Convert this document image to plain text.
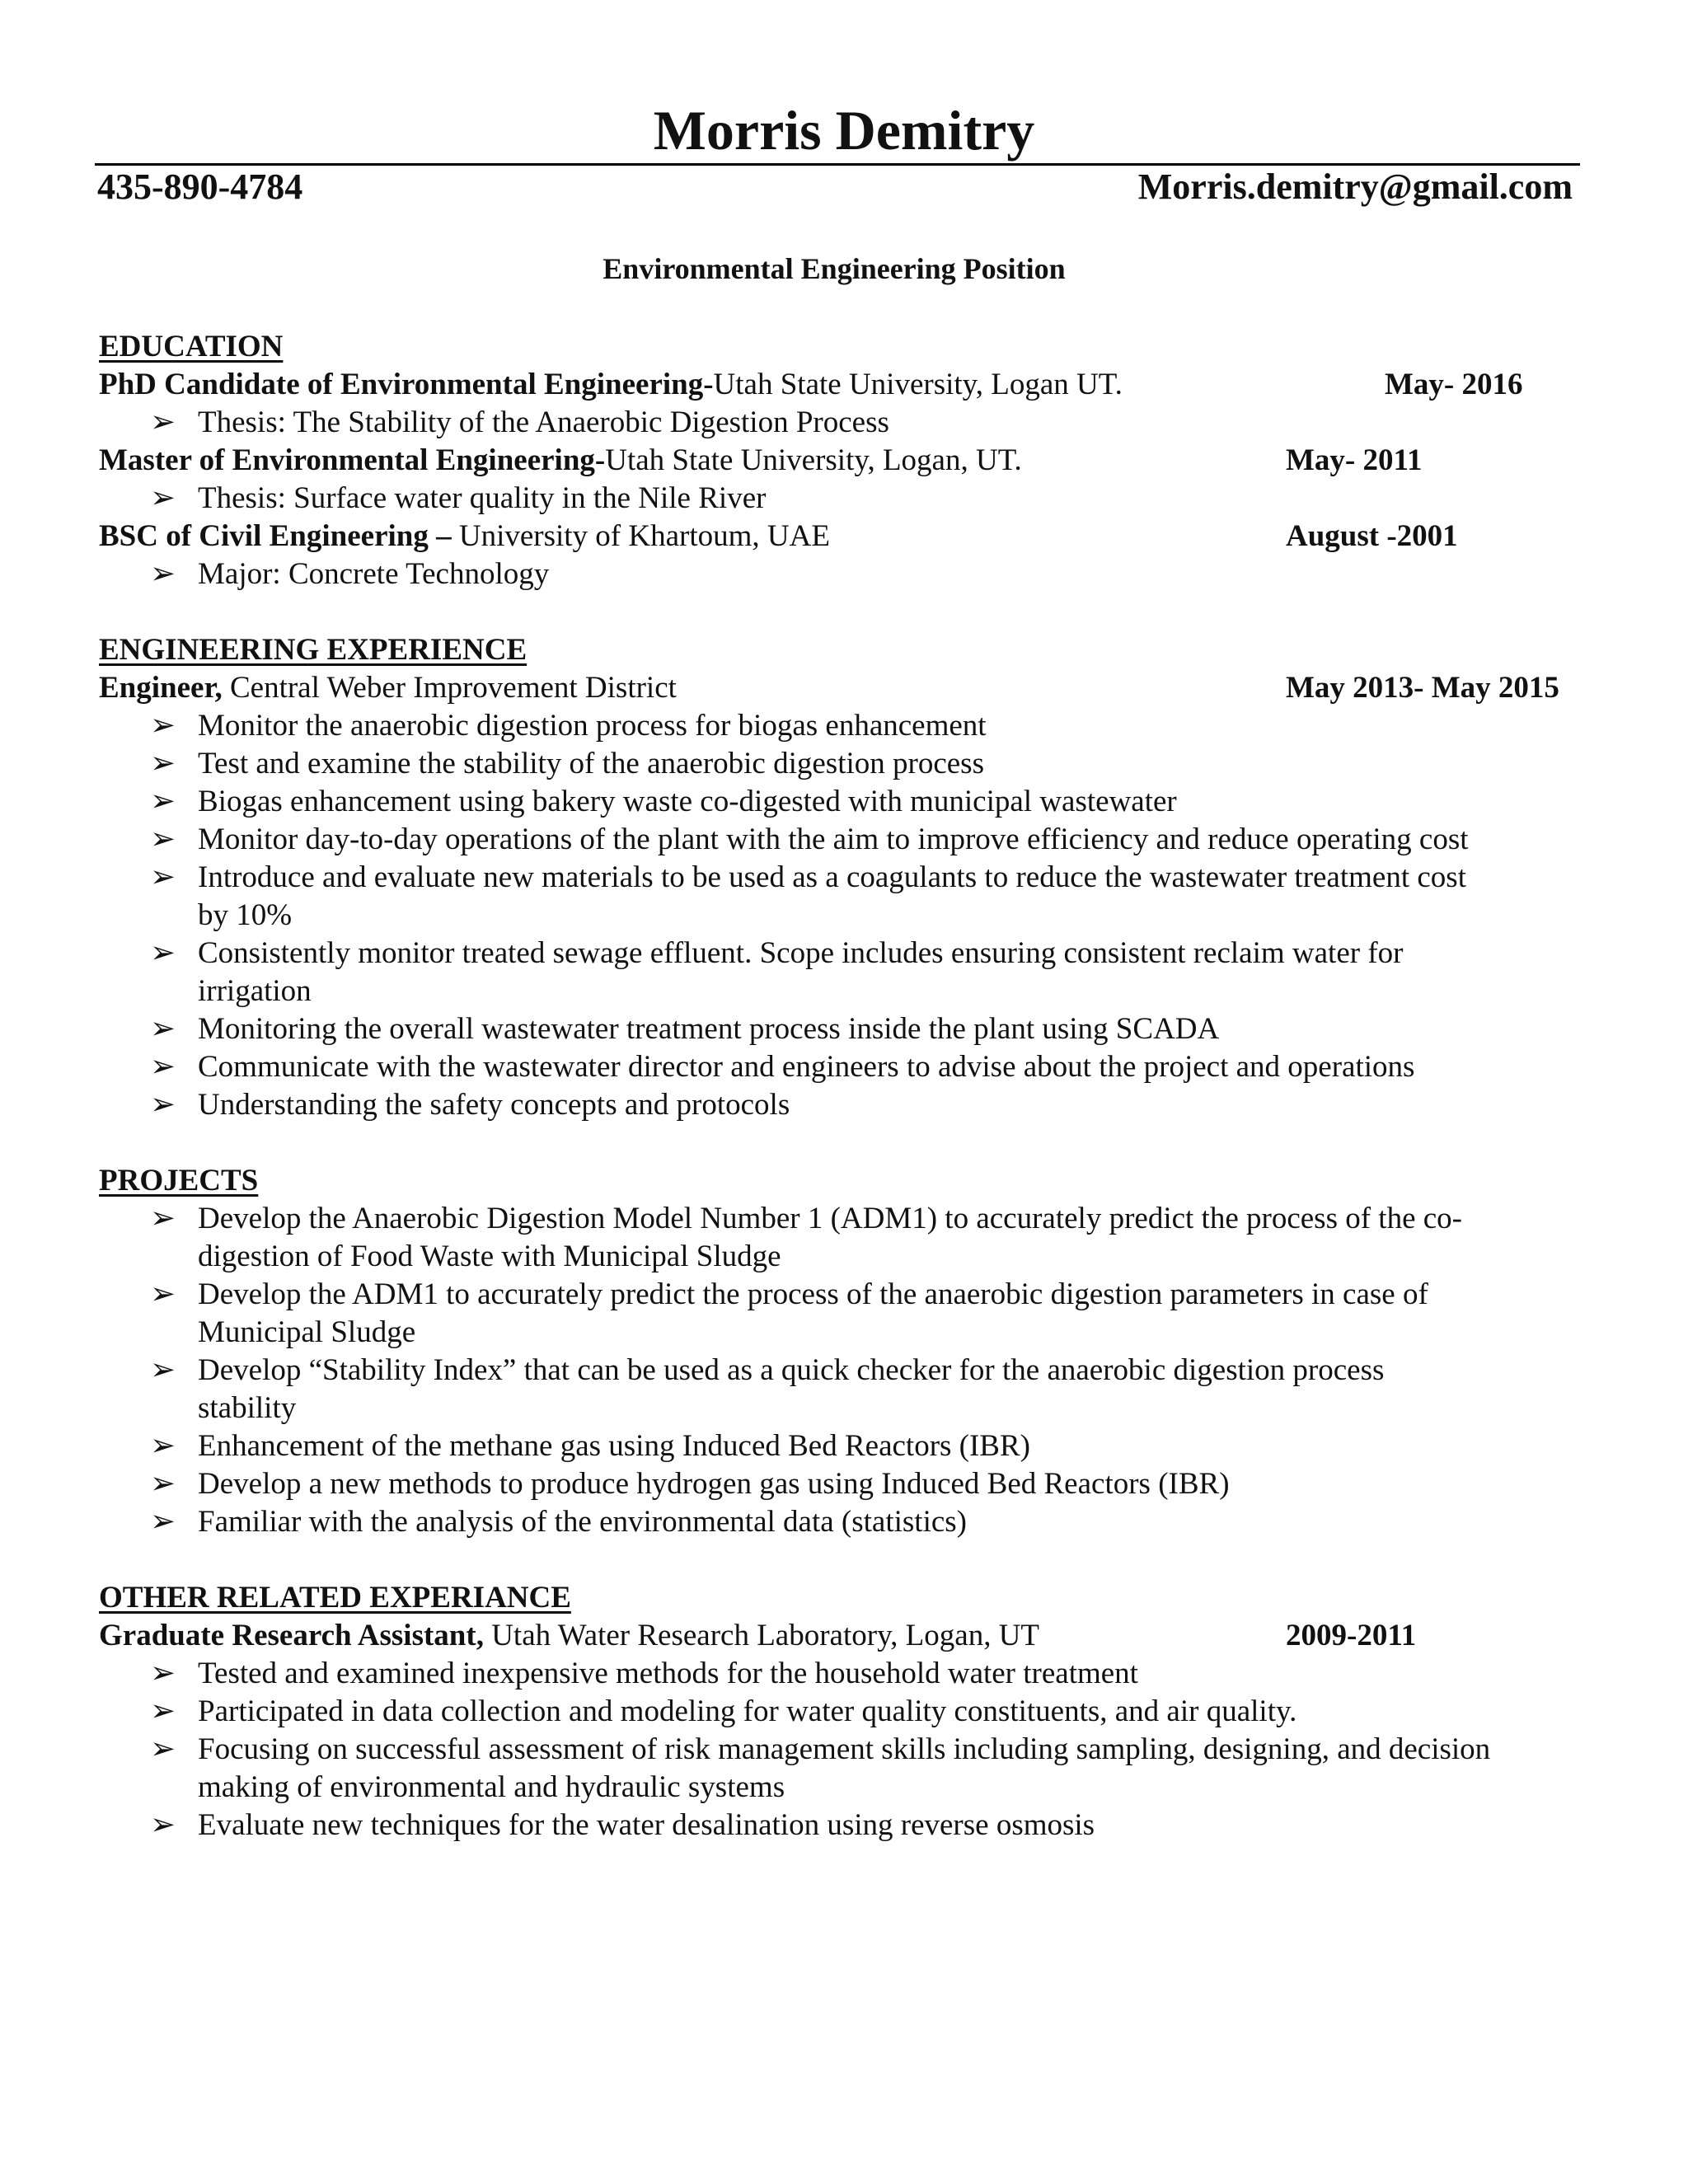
Morris Demitry
435-890-4784	Morris.demitry@gmail.com
Environmental Engineering Position
EDUCATION
PhD Candidate of Environmental Engineering-Utah State University, Logan UT.	May- 2016
➢ Thesis: The Stability of the Anaerobic Digestion Process
Master of Environmental Engineering-Utah State University, Logan, UT.	May- 2011
➢ Thesis: Surface water quality in the Nile River
BSC of Civil Engineering – University of Khartoum, UAE	August -2001
➢ Major: Concrete Technology
ENGINEERING EXPERIENCE
Engineer, Central Weber Improvement District	May 2013- May 2015
➢ Monitor the anaerobic digestion process for biogas enhancement
➢ Test and examine the stability of the anaerobic digestion process
➢ Biogas enhancement using bakery waste co-digested with municipal wastewater
➢ Monitor day-to-day operations of the plant with the aim to improve efficiency and reduce operating cost
➢ Introduce and evaluate new materials to be used as a coagulants to reduce the wastewater treatment cost
by 10%
➢ Consistently monitor treated sewage effluent. Scope includes ensuring consistent reclaim water for
irrigation
➢ Monitoring the overall wastewater treatment process inside the plant using SCADA
➢ Communicate with the wastewater director and engineers to advise about the project and operations
➢ Understanding the safety concepts and protocols
PROJECTS
➢ Develop the Anaerobic Digestion Model Number 1 (ADM1) to accurately predict the process of the co-
digestion of Food Waste with Municipal Sludge
➢ Develop the ADM1 to accurately predict the process of the anaerobic digestion parameters in case of
Municipal Sludge
➢ Develop “Stability Index” that can be used as a quick checker for the anaerobic digestion process
stability
➢ Enhancement of the methane gas using Induced Bed Reactors (IBR)
➢ Develop a new methods to produce hydrogen gas using Induced Bed Reactors (IBR)
➢ Familiar with the analysis of the environmental data (statistics)
OTHER RELATED EXPERIANCE
Graduate Research Assistant, Utah Water Research Laboratory, Logan, UT	2009-2011
➢ Tested and examined inexpensive methods for the household water treatment
➢ Participated in data collection and modeling for water quality constituents, and air quality.
➢ Focusing on successful assessment of risk management skills including sampling, designing, and decision
making of environmental and hydraulic systems
➢ Evaluate new techniques for the water desalination using reverse osmosis
